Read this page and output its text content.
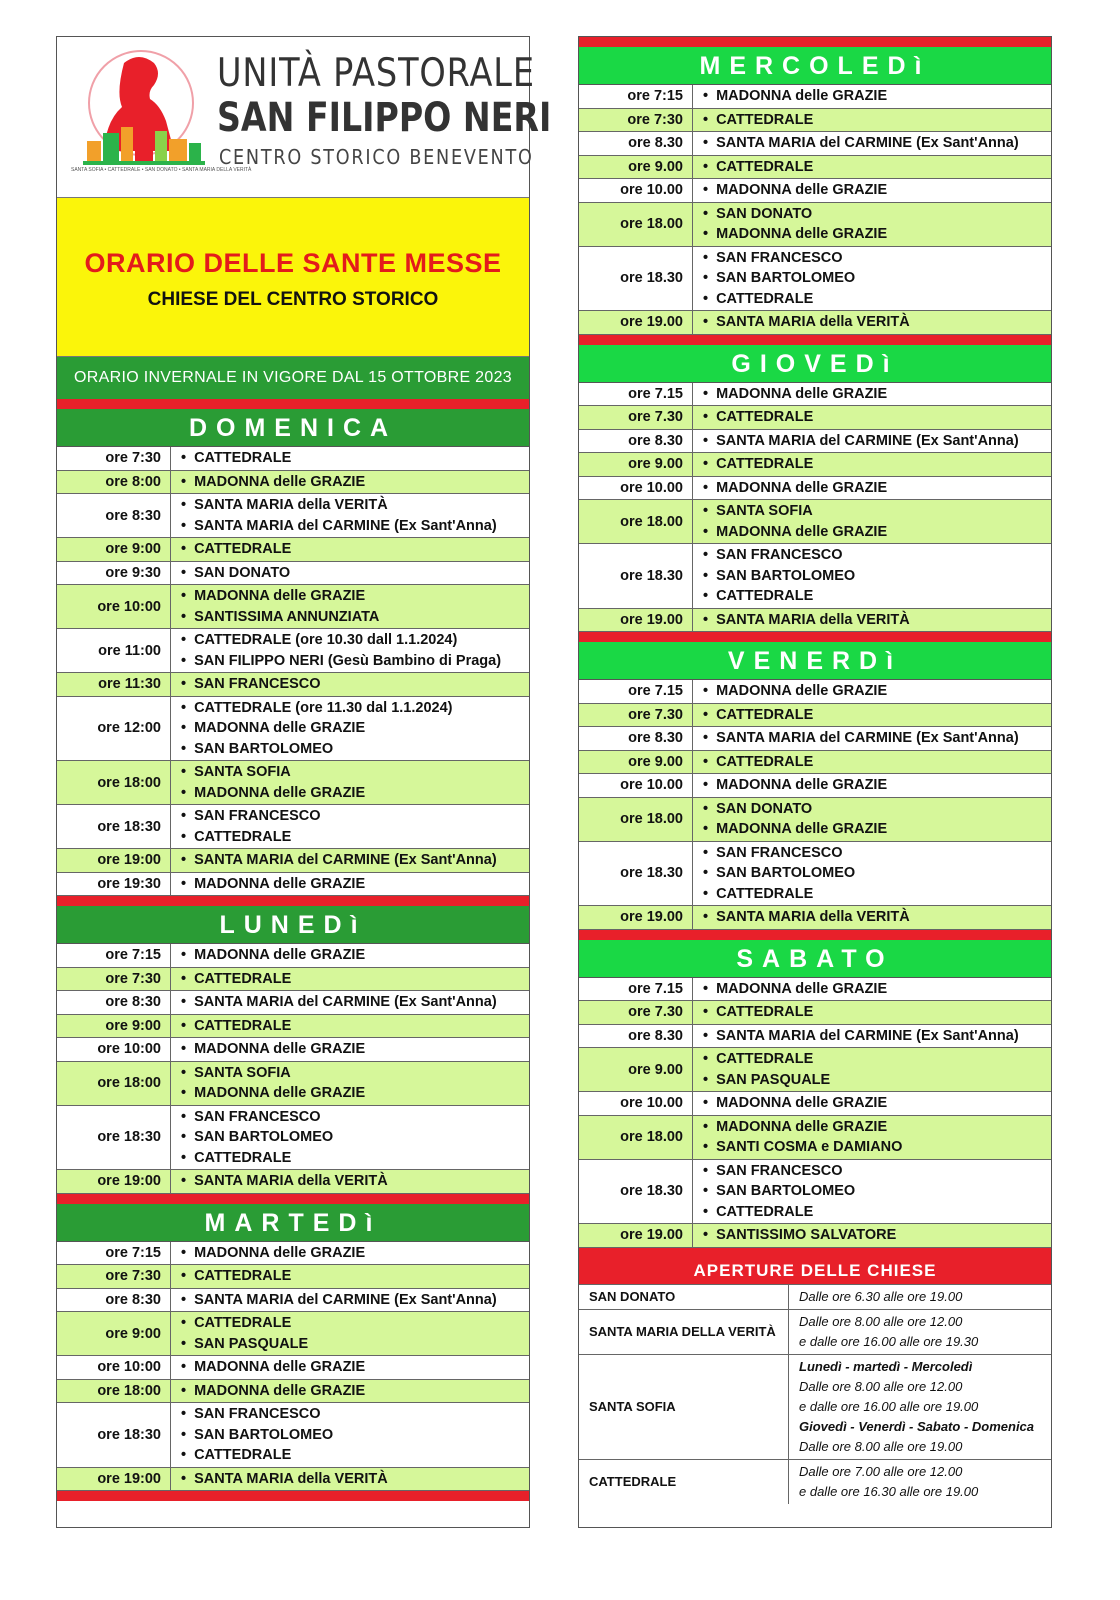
UNITÀ PASTORALE
SAN FILIPPO NERI
CENTRO STORICO BENEVENTO
SANTA SOFIA • CATTEDRALE • SAN DONATO • SANTA MARIA DELLA VERITÀ
ORARIO DELLE SANTE MESSE
CHIESE DEL CENTRO STORICO
ORARIO INVERNALE IN VIGORE DAL 15 OTTOBRE 2023
DOMENICA
ore 7:30	• CATTEDRALE
ore 8:00	• MADONNA delle GRAZIE
ore 8:30
• SANTA MARIA della VERITÀ
• SANTA MARIA del CARMINE (Ex Sant'Anna)
ore 9:00	• CATTEDRALE
ore 9:30	• SAN DONATO
ore 10:00
• MADONNA delle GRAZIE
• SANTISSIMA ANNUNZIATA
ore 11:00
• CATTEDRALE (ore 10.30 dall 1.1.2024)
• SAN FILIPPO NERI (Gesù Bambino di Praga)
ore 11:30	• SAN FRANCESCO
ore 12:00
• CATTEDRALE (ore 11.30 dal 1.1.2024)
• MADONNA delle GRAZIE
• SAN BARTOLOMEO
ore 18:00
• SANTA SOFIA
• MADONNA delle GRAZIE
ore 18:30
• SAN FRANCESCO
• CATTEDRALE
ore 19:00	• SANTA MARIA del CARMINE (Ex Sant'Anna)
ore 19:30	• MADONNA delle GRAZIE
LUNEDì
ore 7:15	• MADONNA delle GRAZIE
ore 7:30	• CATTEDRALE
ore 8:30	• SANTA MARIA del CARMINE (Ex Sant'Anna)
ore 9:00	• CATTEDRALE
ore 10:00	• MADONNA delle GRAZIE
ore 18:00
• SANTA SOFIA
• MADONNA delle GRAZIE
ore 18:30
• SAN FRANCESCO
• SAN BARTOLOMEO
• CATTEDRALE
ore 19:00	• SANTA MARIA della VERITÀ
MARTEDì
ore 7:15	• MADONNA delle GRAZIE
ore 7:30	• CATTEDRALE
ore 8:30	• SANTA MARIA del CARMINE (Ex Sant'Anna)
ore 9:00
• CATTEDRALE
• SAN PASQUALE
ore 10:00	• MADONNA delle GRAZIE
ore 18:00	• MADONNA delle GRAZIE
ore 18:30
• SAN FRANCESCO
• SAN BARTOLOMEO
• CATTEDRALE
ore 19:00	• SANTA MARIA della VERITÀ
MERCOLEDì
ore 7:15	• MADONNA delle GRAZIE
ore 7:30	• CATTEDRALE
ore 8.30	• SANTA MARIA del CARMINE (Ex Sant'Anna)
ore 9.00	• CATTEDRALE
ore 10.00	• MADONNA delle GRAZIE
ore 18.00
• SAN DONATO
• MADONNA delle GRAZIE
ore 18.30
• SAN FRANCESCO
• SAN BARTOLOMEO
• CATTEDRALE
ore 19.00	• SANTA MARIA della VERITÀ
GIOVEDì
ore 7.15	• MADONNA delle GRAZIE
ore 7.30	• CATTEDRALE
ore 8.30	• SANTA MARIA del CARMINE (Ex Sant'Anna)
ore 9.00	• CATTEDRALE
ore 10.00	• MADONNA delle GRAZIE
ore 18.00
• SANTA SOFIA
• MADONNA delle GRAZIE
ore 18.30
• SAN FRANCESCO
• SAN BARTOLOMEO
• CATTEDRALE
ore 19.00	• SANTA MARIA della VERITÀ
VENERDì
ore 7.15	• MADONNA delle GRAZIE
ore 7.30	• CATTEDRALE
ore 8.30	• SANTA MARIA del CARMINE (Ex Sant'Anna)
ore 9.00	• CATTEDRALE
ore 10.00	• MADONNA delle GRAZIE
ore 18.00
• SAN DONATO
• MADONNA delle GRAZIE
ore 18.30
• SAN FRANCESCO
• SAN BARTOLOMEO
• CATTEDRALE
ore 19.00	• SANTA MARIA della VERITÀ
SABATO
ore 7.15	• MADONNA delle GRAZIE
ore 7.30	• CATTEDRALE
ore 8.30	• SANTA MARIA del CARMINE (Ex Sant'Anna)
ore 9.00
• CATTEDRALE
• SAN PASQUALE
ore 10.00	• MADONNA delle GRAZIE
ore 18.00
• MADONNA delle GRAZIE
• SANTI COSMA e DAMIANO
ore 18.30
• SAN FRANCESCO
• SAN BARTOLOMEO
• CATTEDRALE
ore 19.00	• SANTISSIMO SALVATORE
APERTURE DELLE CHIESE
SAN DONATO	Dalle ore 6.30 alle ore 19.00
SANTA MARIA DELLA VERITÀ
Dalle ore 8.00 alle ore 12.00
e dalle ore 16.00 alle ore 19.30
SANTA SOFIA
Lunedì - martedì - Mercoledì
Dalle ore 8.00 alle ore 12.00
e dalle ore 16.00 alle ore 19.00
Giovedì - Venerdì - Sabato - Domenica
Dalle ore 8.00 alle ore 19.00
CATTEDRALE
Dalle ore 7.00 alle ore 12.00
e dalle ore 16.30 alle ore 19.00
